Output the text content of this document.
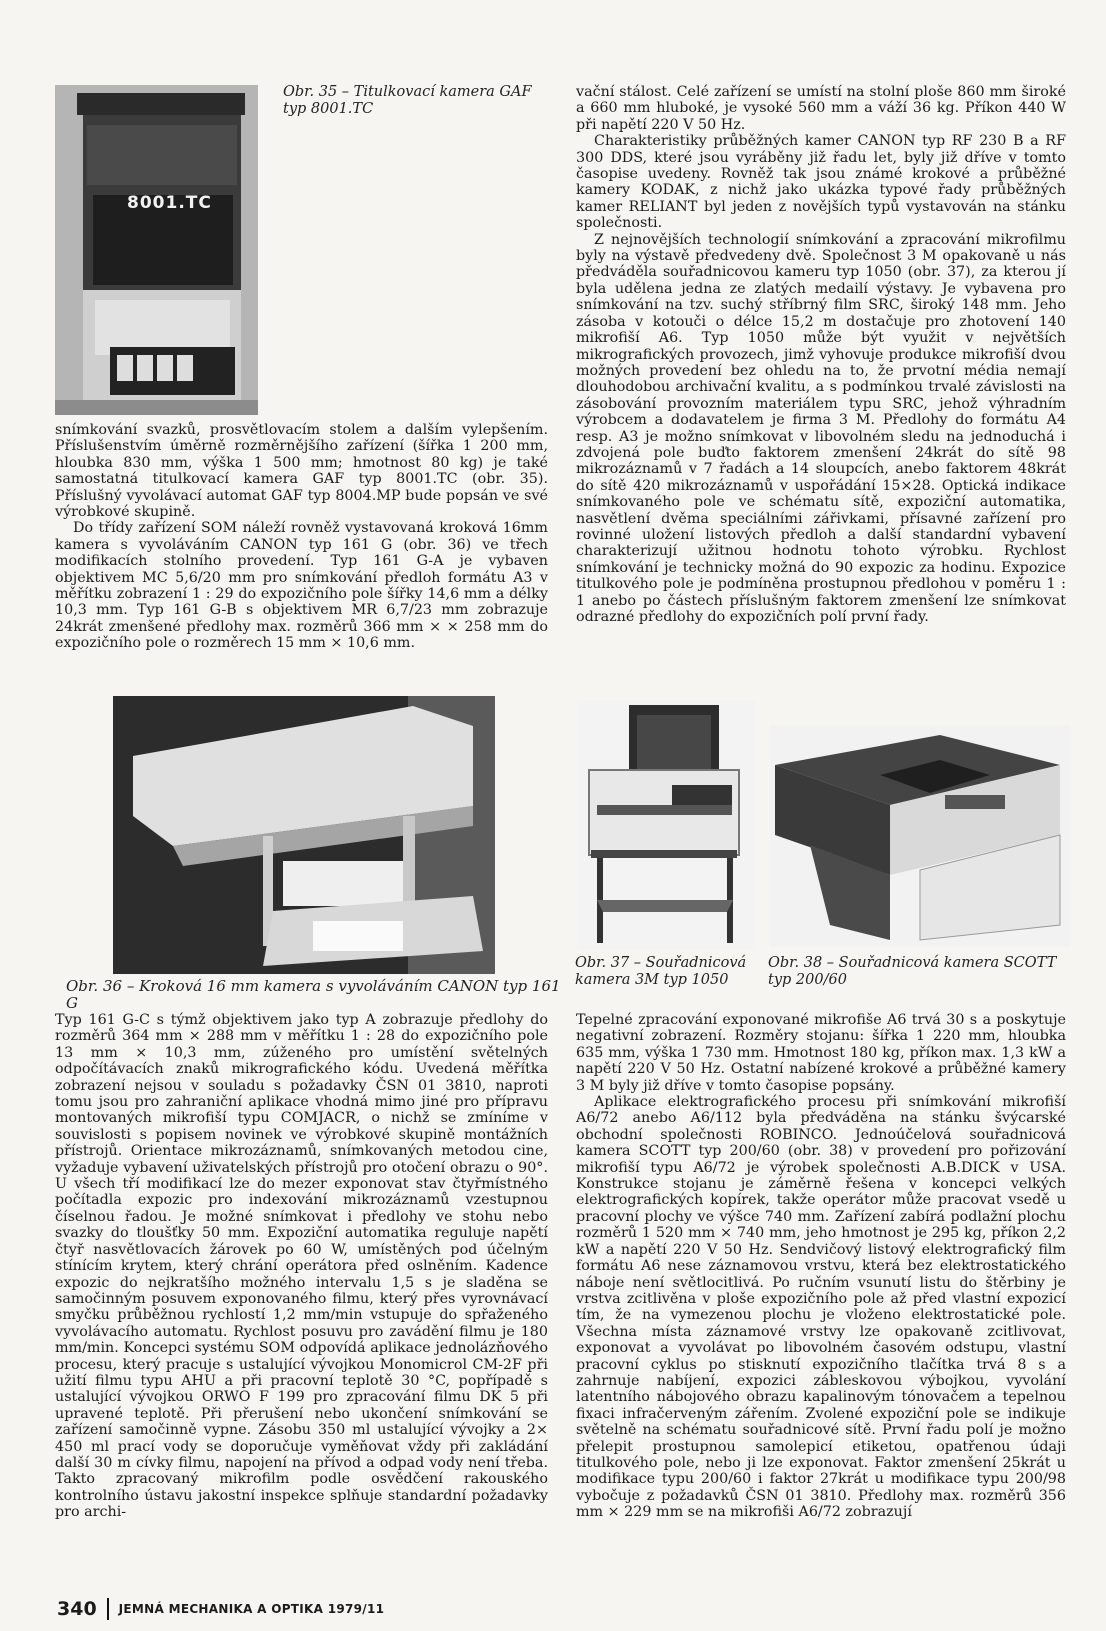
8001.TC
Obr. 35 – Titulkovací kamera GAF typ 8001.TC

snímkování svazků, prosvětlovacím stolem a dalším vylepšením. Příslušenstvím úměrně rozměrnějšího zařízení (šířka 1 200 mm, hloubka 830 mm, výška 1 500 mm; hmotnost 80 kg) je také samostatná titulkovací kamera GAF typ 8001.TC (obr. 35). Příslušný vyvolávací automat GAF typ 8004.MP bude popsán ve své výrobkové skupině.

Do třídy zařízení SOM náleží rovněž vystavovaná kroková 16mm kamera s vyvoláváním CANON typ 161 G (obr. 36) ve třech modifikacích stolního provedení. Typ 161 G-A je vybaven objektivem MC 5,6/20 mm pro snímkování předloh formátu A3 v měřítku zobrazení 1 : 29 do expozičního pole šířky 14,6 mm a délky 10,3 mm. Typ 161 G-B s objektivem MR 6,7/23 mm zobrazuje 24krát zmenšené předlohy max. rozměrů 366 mm × × 258 mm do expozičního pole o rozměrech 15 mm × 10,6 mm.

vační stálost. Celé zařízení se umístí na stolní ploše 860 mm široké a 660 mm hluboké, je vysoké 560 mm a váží 36 kg. Příkon 440 W při napětí 220 V 50 Hz.

Charakteristiky průběžných kamer CANON typ RF 230 B a RF 300 DDS, které jsou vyráběny již řadu let, byly již dříve v tomto časopise uvedeny. Rovněž tak jsou známé krokové a průběžné kamery KODAK, z nichž jako ukázka typové řady průběžných kamer RELIANT byl jeden z novějších typů vystavován na stánku společnosti.

Z nejnovějších technologií snímkování a zpracování mikrofilmu byly na výstavě předvedeny dvě. Společnost 3 M opakovaně u nás předváděla souřadnicovou kameru typ 1050 (obr. 37), za kterou jí byla udělena jedna ze zlatých medailí výstavy. Je vybavena pro snímkování na tzv. suchý stříbrný film SRC, široký 148 mm. Jeho zásoba v kotouči o délce 15,2 m dostačuje pro zhotovení 140 mikrofiší A6. Typ 1050 může být využit v největších mikrografických provozech, jimž vyhovuje produkce mikrofiší dvou možných provedení bez ohledu na to, že prvotní média nemají dlouhodobou archivační kvalitu, a s podmínkou trvalé závislosti na zásobování provozním materiálem typu SRC, jehož výhradním výrobcem a dodavatelem je firma 3 M. Předlohy do formátu A4 resp. A3 je možno snímkovat v libovolném sledu na jednoduchá i zdvojená pole buďto faktorem zmenšení 24krát do sítě 98 mikrozáznamů v 7 řadách a 14 sloupcích, anebo faktorem 48krát do sítě 420 mikrozáznamů v uspořádání 15×28. Optická indikace snímkovaného pole ve schématu sítě, expoziční automatika, nasvětlení dvěma speciálními zářivkami, přísavné zařízení pro rovinné uložení listových předloh a další standardní vybavení charakterizují užitnou hodnotu tohoto výrobku. Rychlost snímkování je technicky možná do 90 expozic za hodinu. Expozice titulkového pole je podmíněna prostupnou předlohou v poměru 1 : 1 anebo po částech příslušným faktorem zmenšení lze snímkovat odrazné předlohy do expozičních polí první řady.

Obr. 36 – Kroková 16 mm kamera s vyvoláváním CANON typ 161 G
Obr. 37 – Souřadnicová kamera 3M typ 1050
Obr. 38 – Souřadnicová kamera SCOTT typ 200/60

Typ 161 G-C s týmž objektivem jako typ A zobrazuje předlohy do rozměrů 364 mm × 288 mm v měřítku 1 : 28 do expozičního pole 13 mm × 10,3 mm, zúženého pro umístění světelných odpočítávacích znaků mikrografického kódu. Uvedená měřítka zobrazení nejsou v souladu s požadavky ČSN 01 3810, naproti tomu jsou pro zahraniční aplikace vhodná mimo jiné pro přípravu montovaných mikrofiší typu COMJACR, o nichž se zmíníme v souvislosti s popisem novinek ve výrobkové skupině montážních přístrojů. Orientace mikrozáznamů, snímkovaných metodou cine, vyžaduje vybavení uživatelských přístrojů pro otočení obrazu o 90°. U všech tří modifikací lze do mezer exponovat stav čtyřmístného počítadla expozic pro indexování mikrozáznamů vzestupnou číselnou řadou. Je možné snímkovat i předlohy ve stohu nebo svazky do tloušťky 50 mm. Expoziční automatika reguluje napětí čtyř nasvětlovacích žárovek po 60 W, umístěných pod účelným stínícím krytem, který chrání operátora před oslněním. Kadence expozic do nejkratšího možného intervalu 1,5 s je sladěna se samočinným posuvem exponovaného filmu, který přes vyrovnávací smyčku průběžnou rychlostí 1,2 mm/min vstupuje do spřaženého vyvolávacího automatu. Rychlost posuvu pro zavádění filmu je 180 mm/min. Koncepci systému SOM odpovídá aplikace jednolázňového procesu, který pracuje s ustalující vývojkou Monomicrol CM-2F při užití filmu typu AHU a při pracovní teplotě 30 °C, popřípadě s ustalující vývojkou ORWO F 199 pro zpracování filmu DK 5 při upravené teplotě. Při přerušení nebo ukončení snímkování se zařízení samočinně vypne. Zásobu 350 ml ustalující vývojky a 2× 450 ml prací vody se doporučuje vyměňovat vždy při zakládání další 30 m cívky filmu, napojení na přívod a odpad vody není třeba. Takto zpracovaný mikrofilm podle osvědčení rakouského kontrolního ústavu jakostní inspekce splňuje standardní požadavky pro archi-

Tepelné zpracování exponované mikrofiše A6 trvá 30 s a poskytuje negativní zobrazení. Rozměry stojanu: šířka 1 220 mm, hloubka 635 mm, výška 1 730 mm. Hmotnost 180 kg, příkon max. 1,3 kW a napětí 220 V 50 Hz. Ostatní nabízené krokové a průběžné kamery 3 M byly již dříve v tomto časopise popsány.

Aplikace elektrografického procesu při snímkování mikrofiší A6/72 anebo A6/112 byla předváděna na stánku švýcarské obchodní společnosti ROBINCO. Jednoúčelová souřadnicová kamera SCOTT typ 200/60 (obr. 38) v provedení pro pořizování mikrofiší typu A6/72 je výrobek společnosti A.B.DICK v USA. Konstrukce stojanu je záměrně řešena v koncepci velkých elektrografických kopírek, takže operátor může pracovat vsedě u pracovní plochy ve výšce 740 mm. Zařízení zabírá podlažní plochu rozměrů 1 520 mm × 740 mm, jeho hmotnost je 295 kg, příkon 2,2 kW a napětí 220 V 50 Hz. Sendvičový listový elektrografický film formátu A6 nese záznamovou vrstvu, která bez elektrostatického náboje není světlocitlivá. Po ručním vsunutí listu do štěrbiny je vrstva zcitlivěna v ploše expozičního pole až před vlastní expozicí tím, že na vymezenou plochu je vloženo elektrostatické pole. Všechna místa záznamové vrstvy lze opakovaně zcitlivovat, exponovat a vyvolávat po libovolném časovém odstupu, vlastní pracovní cyklus po stisknutí expozičního tlačítka trvá 8 s a zahrnuje nabíjení, expozici zábleskovou výbojkou, vyvolání latentního nábojového obrazu kapalinovým tónovačem a tepelnou fixaci infračerveným zářením. Zvolené expoziční pole se indikuje světelně na schématu souřadnicové sítě. První řadu polí je možno přelepit prostupnou samolepicí etiketou, opatřenou údaji titulkového pole, nebo ji lze exponovat. Faktor zmenšení 25krát u modifikace typu 200/60 i faktor 27krát u modifikace typu 200/98 vybočuje z požadavků ČSN 01 3810. Předlohy max. rozměrů 356 mm × 229 mm se na mikrofiši A6/72 zobrazují

340 JEMNÁ MECHANIKA A OPTIKA 1979/11
